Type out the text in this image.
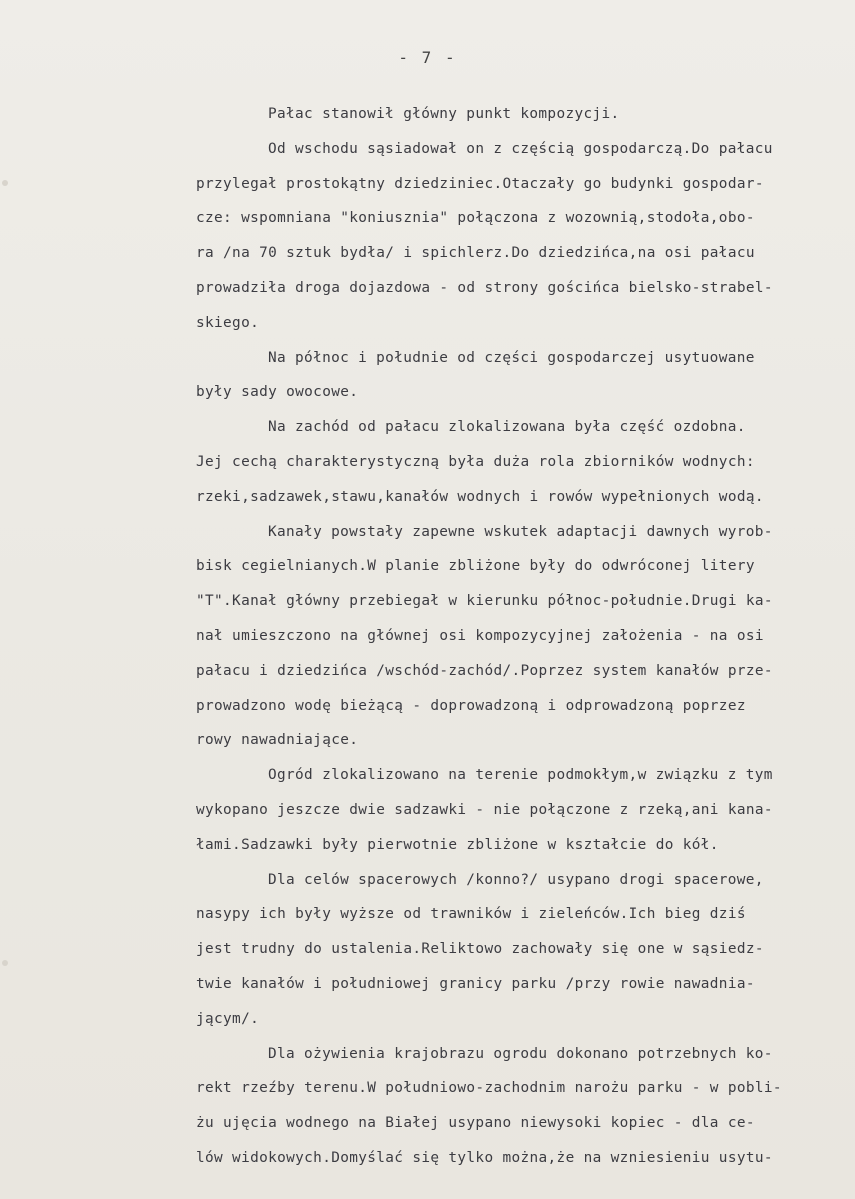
- 7 -
Pałac stanowił główny punkt kompozycji.
Od wschodu sąsiadował on z częścią gospodarczą.Do pałacu
przylegał prostokątny dziedziniec.Otaczały go budynki gospodar-
cze: wspomniana "koniusznia" połączona z wozownią,stodoła,obo-
ra /na 70 sztuk bydła/ i spichlerz.Do dziedzińca,na osi pałacu
prowadziła droga dojazdowa - od strony gościńca bielsko-strabel-
skiego.
Na północ i południe od części gospodarczej usytuowane
były sady owocowe.
Na zachód od pałacu zlokalizowana była część ozdobna.
Jej cechą charakterystyczną była duża rola zbiorników wodnych:
rzeki,sadzawek,stawu,kanałów wodnych i rowów wypełnionych wodą.
Kanały powstały zapewne wskutek adaptacji dawnych wyrob-
bisk cegielnianych.W planie zbliżone były do odwróconej litery
"T".Kanał główny przebiegał w kierunku północ-południe.Drugi ka-
nał umieszczono na głównej osi kompozycyjnej założenia - na osi
pałacu i dziedzińca /wschód-zachód/.Poprzez system kanałów prze-
prowadzono wodę bieżącą - doprowadzoną i odprowadzoną poprzez
rowy nawadniające.
Ogród zlokalizowano na terenie podmokłym,w związku z tym
wykopano jeszcze dwie sadzawki - nie połączone z rzeką,ani kana-
łami.Sadzawki były pierwotnie zbliżone w kształcie do kół.
Dla celów spacerowych /konno?/ usypano drogi spacerowe,
nasypy ich były wyższe od trawników i zieleńców.Ich bieg dziś
jest trudny do ustalenia.Reliktowo zachowały się one w sąsiedz-
twie kanałów i południowej granicy parku /przy rowie nawadnia-
jącym/.
Dla ożywienia krajobrazu ogrodu dokonano potrzebnych ko-
rekt rzeźby terenu.W południowo-zachodnim narożu parku - w pobli-
żu ujęcia wodnego na Białej usypano niewysoki kopiec - dla ce-
lów widokowych.Domyślać się tylko można,że na wzniesieniu usytu-
